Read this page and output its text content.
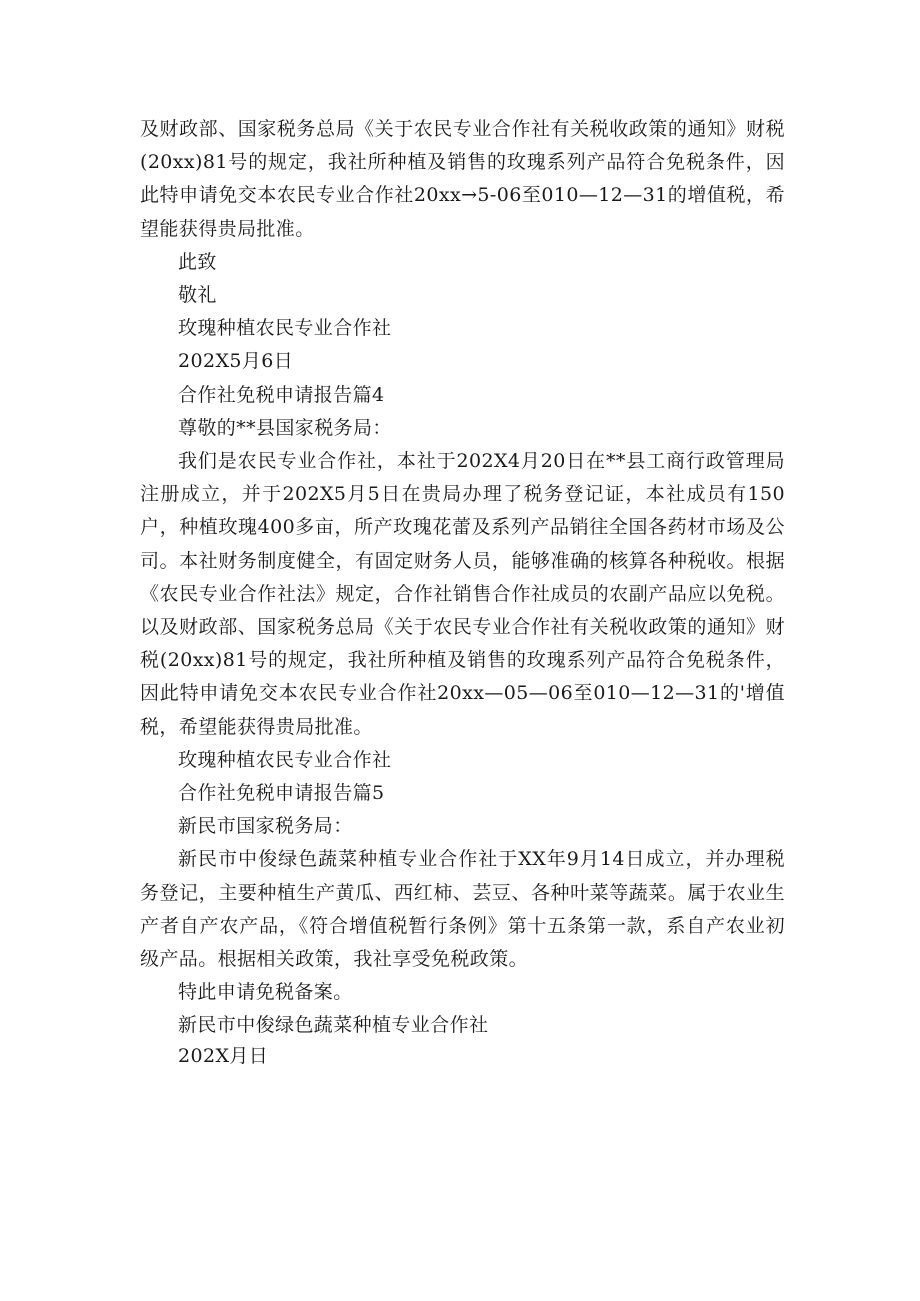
及财政部、国家税务总局《关于农民专业合作社有关税收政策的通知》财税(20xx)81号的规定，我社所种植及销售的玫瑰系列产品符合免税条件，因此特申请免交本农民专业合作社20xx→5-06至010—12—31的增值税，希望能获得贵局批准。

此致

敬礼

玫瑰种植农民专业合作社

202X5月6日

合作社免税申请报告篇4

尊敬的**县国家税务局：

我们是农民专业合作社，本社于202X4月20日在**县工商行政管理局注册成立，并于202X5月5日在贵局办理了税务登记证，本社成员有150户，种植玫瑰400多亩，所产玫瑰花蕾及系列产品销往全国各药材市场及公司。本社财务制度健全，有固定财务人员，能够准确的核算各种税收。根据《农民专业合作社法》规定，合作社销售合作社成员的农副产品应以免税。以及财政部、国家税务总局《关于农民专业合作社有关税收政策的通知》财税(20xx)81号的规定，我社所种植及销售的玫瑰系列产品符合免税条件，因此特申请免交本农民专业合作社20xx—05—06至010—12—31的'增值税，希望能获得贵局批准。

玫瑰种植农民专业合作社

合作社免税申请报告篇5

新民市国家税务局：

新民市中俊绿色蔬菜种植专业合作社于XX年9月14日成立，并办理税务登记，主要种植生产黄瓜、西红柿、芸豆、各种叶菜等蔬菜。属于农业生产者自产农产品，《符合增值税暂行条例》第十五条第一款，系自产农业初级产品。根据相关政策，我社享受免税政策。

特此申请免税备案。

新民市中俊绿色蔬菜种植专业合作社

202X月日
